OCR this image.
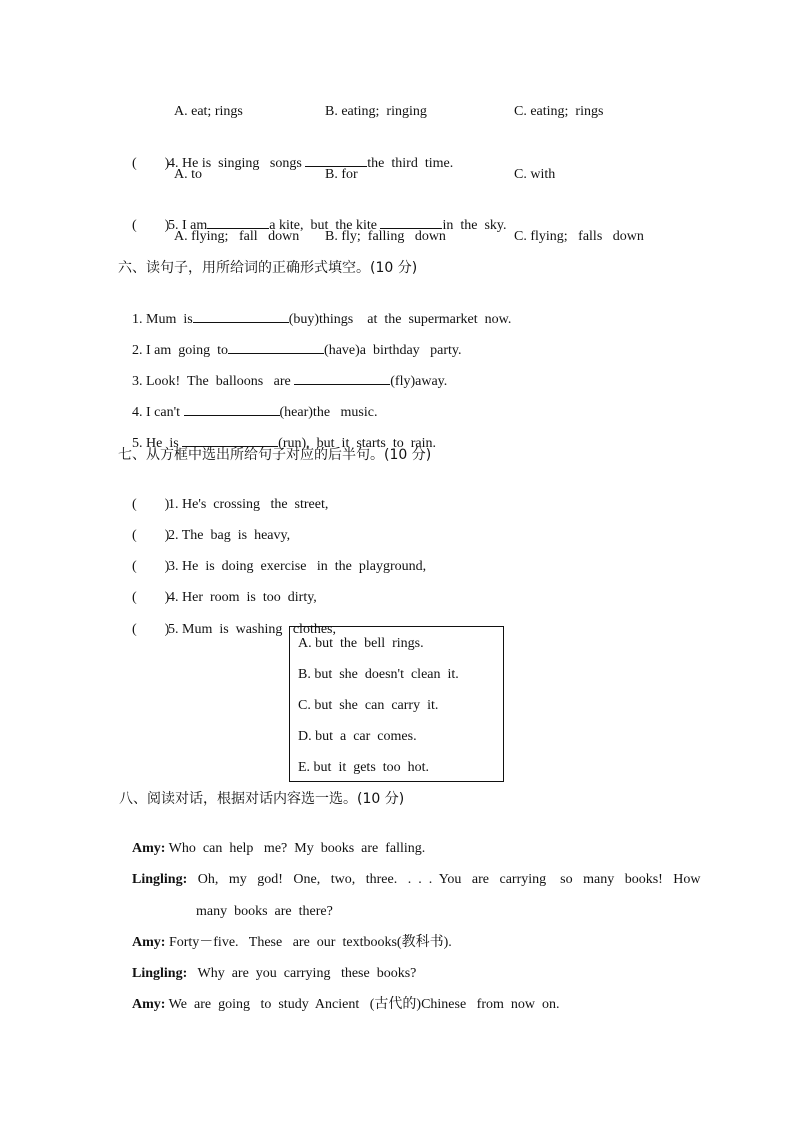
A. eat; rings	B. eating;  ringing	C. eating;  rings

(        )4. He is  singing   songs	the  third  time.

A. to	B. for	C. with

(        )5. I am	a kite,  but  the kite	in  the  sky.

A. flying;   fall   down B. fly;  falling   down	C. flying;   falls   down
六、读句子，用所给词的正确形式填空。(10 分)

1. Mum  is	(buy)things    at  the  supermarket  now.

2. I am  going  to	(have)a  birthday   party.

3. Look!  The  balloons   are	(fly)away.

4. I can't	(hear)the   music.

5. He  is	(run),  but  it  starts  to  rain.

七、从方框中选出所给句子对应的后半句。(10 分)

(        )1. He's  crossing   the  street,

(        )2. The  bag  is  heavy,

(        )3. He  is  doing  exercise   in  the  playground,

(        )4. Her  room  is  too  dirty,

(        )5. Mum  is  washing   clothes,

A. but  the  bell  rings.
B. but  she  doesn't  clean  it.
C. but  she  can  carry  it.
D. but  a  car  comes.
E. but  it  gets  too  hot.
八、阅读对话，根据对话内容选一选。(10 分)

Amy: Who  can  help   me?  My  books  are  falling.

Lingling:   Oh,   my   god!   One,   two,   three.   .  .  .  You   are   carrying    so   many   books!   How

many  books  are  there?

Amy: Forty－five.   These   are  our  textbooks(教科书).

Lingling:   Why  are  you  carrying   these  books?

Amy: We  are  going   to  study  Ancient   (古代的)Chinese   from  now  on.
